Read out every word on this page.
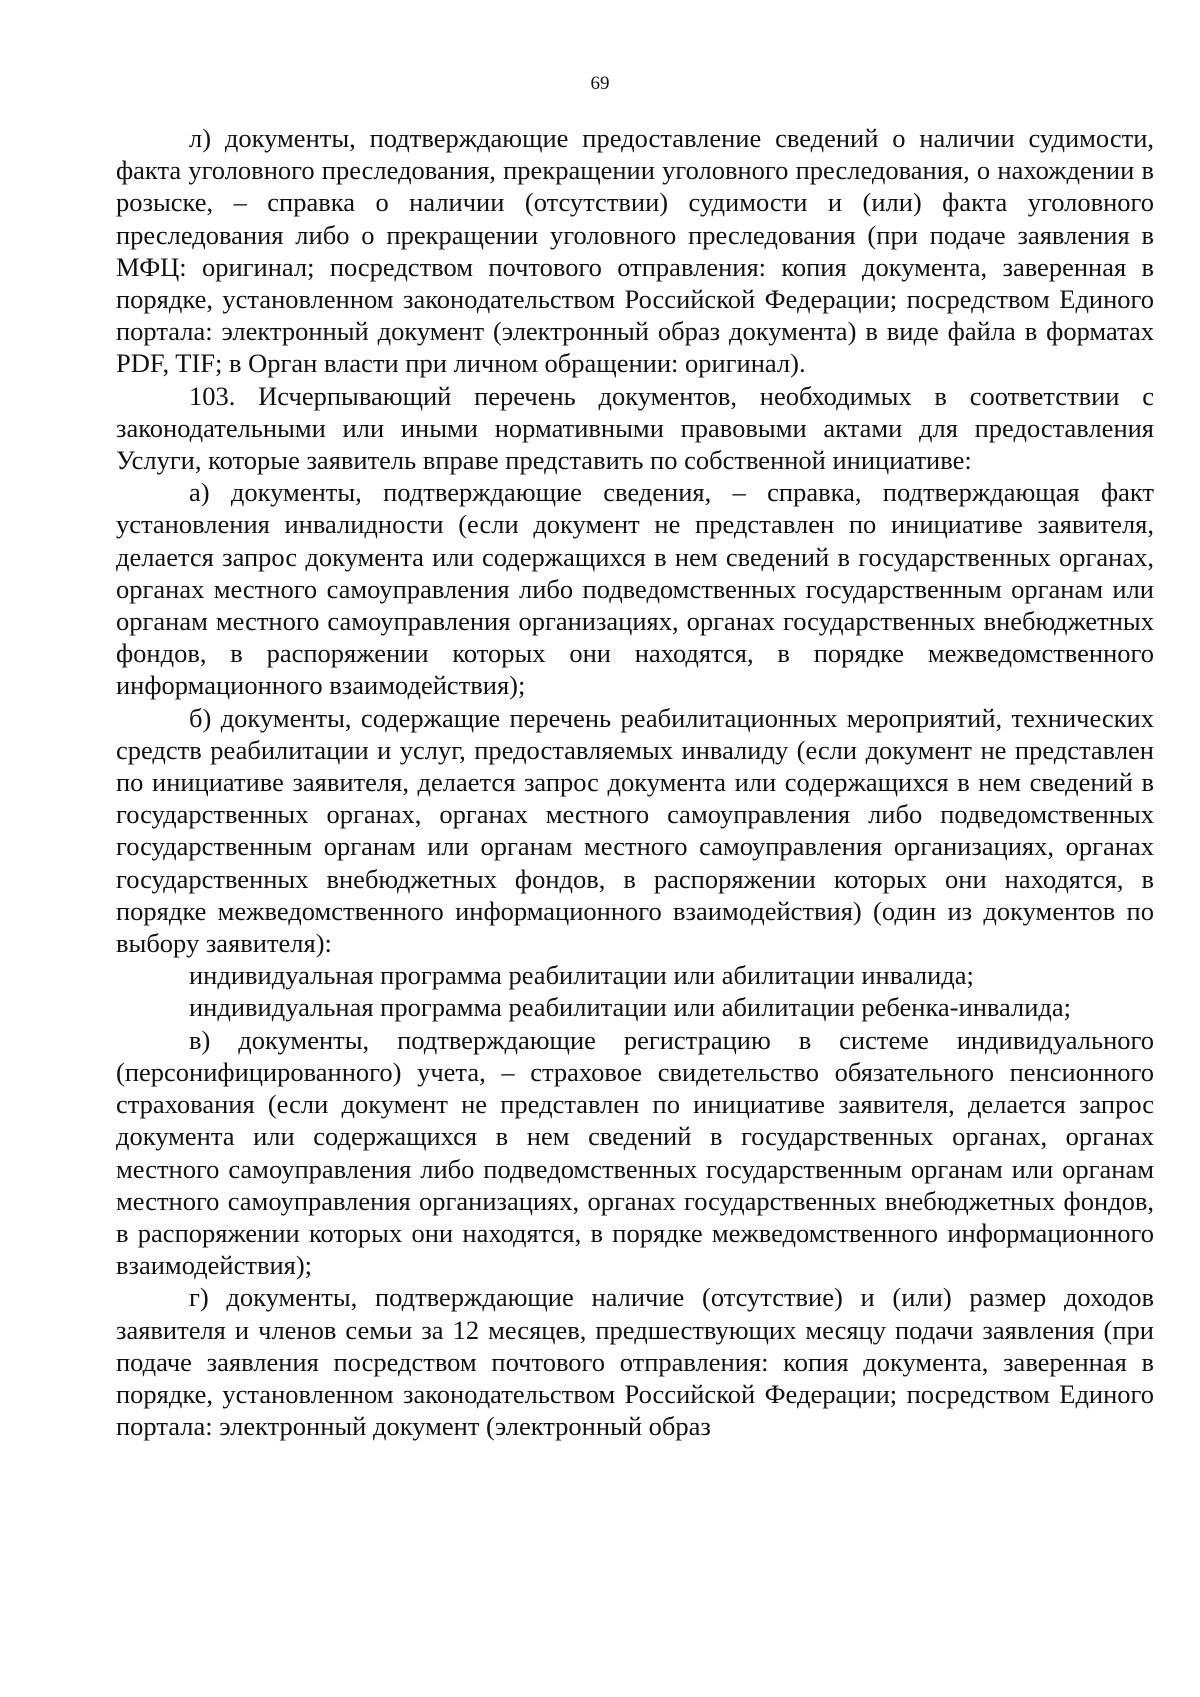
69

л) документы, подтверждающие предоставление сведений о наличии судимости, факта уголовного преследования, прекращении уголовного преследования, о нахождении в розыске, – справка о наличии (отсутствии) судимости и (или) факта уголовного преследования либо о прекращении уголовного преследования (при подаче заявления в МФЦ: оригинал; посредством почтового отправления: копия документа, заверенная в порядке, установленном законодательством Российской Федерации; посредством Единого портала: электронный документ (электронный образ документа) в виде файла в форматах PDF, TIF; в Орган власти при личном обращении: оригинал).

103. Исчерпывающий перечень документов, необходимых в соответствии с законодательными или иными нормативными правовыми актами для предоставления Услуги, которые заявитель вправе представить по собственной инициативе:

а) документы, подтверждающие сведения, – справка, подтверждающая факт установления инвалидности (если документ не представлен по инициативе заявителя, делается запрос документа или содержащихся в нем сведений в государственных органах, органах местного самоуправления либо подведомственных государственным органам или органам местного самоуправления организациях, органах государственных внебюджетных фондов, в распоряжении которых они находятся, в порядке межведомственного информационного взаимодействия);

б) документы, содержащие перечень реабилитационных мероприятий, технических средств реабилитации и услуг, предоставляемых инвалиду (если документ не представлен по инициативе заявителя, делается запрос документа или содержащихся в нем сведений в государственных органах, органах местного самоуправления либо подведомственных государственным органам или органам местного самоуправления организациях, органах государственных внебюджетных фондов, в распоряжении которых они находятся, в порядке межведомственного информационного взаимодействия) (один из документов по выбору заявителя):

индивидуальная программа реабилитации или абилитации инвалида;

индивидуальная программа реабилитации или абилитации ребенка-инвалида;

в) документы, подтверждающие регистрацию в системе индивидуального (персонифицированного) учета, – страховое свидетельство обязательного пенсионного страхования (если документ не представлен по инициативе заявителя, делается запрос документа или содержащихся в нем сведений в государственных органах, органах местного самоуправления либо подведомственных государственным органам или органам местного самоуправления организациях, органах государственных внебюджетных фондов, в распоряжении которых они находятся, в порядке межведомственного информационного взаимодействия);

г) документы, подтверждающие наличие (отсутствие) и (или) размер доходов заявителя и членов семьи за 12 месяцев, предшествующих месяцу подачи заявления (при подаче заявления посредством почтового отправления: копия документа, заверенная в порядке, установленном законодательством Российской Федерации; посредством Единого портала: электронный документ (электронный образ
